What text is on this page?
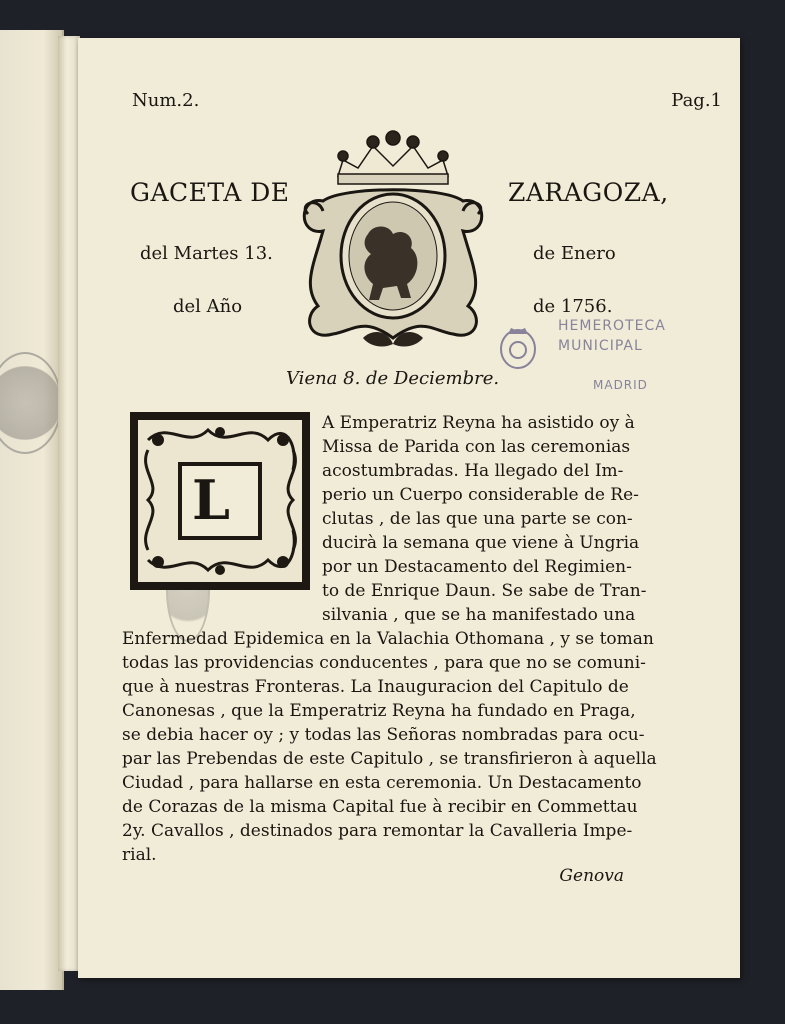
Num.2.	Pag.1
GACETA DE	ZARAGOZA,
del Martes 13.	de Enero
del Año	de 1756.
HEMEROTECA
MUNICIPAL
MADRID
Viena 8. de Deciembre.
L
A Emperatriz Reyna ha asistido oy à
Missa de Parida con las ceremonias
acostumbradas. Ha llegado del Im-
perio un Cuerpo considerable de Re-
clutas , de las que una parte se con-
ducirà la semana que viene à Ungria
por un Destacamento del Regimien-
to de Enrique Daun. Se sabe de Tran-
silvania , que se ha manifestado una
Enfermedad Epidemica en la Valachia Othomana , y se toman
todas las providencias conducentes , para que no se comuni-
que à nuestras Fronteras. La Inauguracion del Capitulo de
Canonesas , que la Emperatriz Reyna ha fundado en Praga,
se debia hacer oy ; y todas las Señoras nombradas para ocu-
par las Prebendas de este Capitulo , se transfirieron à aquella
Ciudad , para hallarse en esta ceremonia. Un Destacamento
de Corazas de la misma Capital fue à recibir en Commettau
2y. Cavallos , destinados para remontar la Cavalleria Impe-
rial.
Genova
